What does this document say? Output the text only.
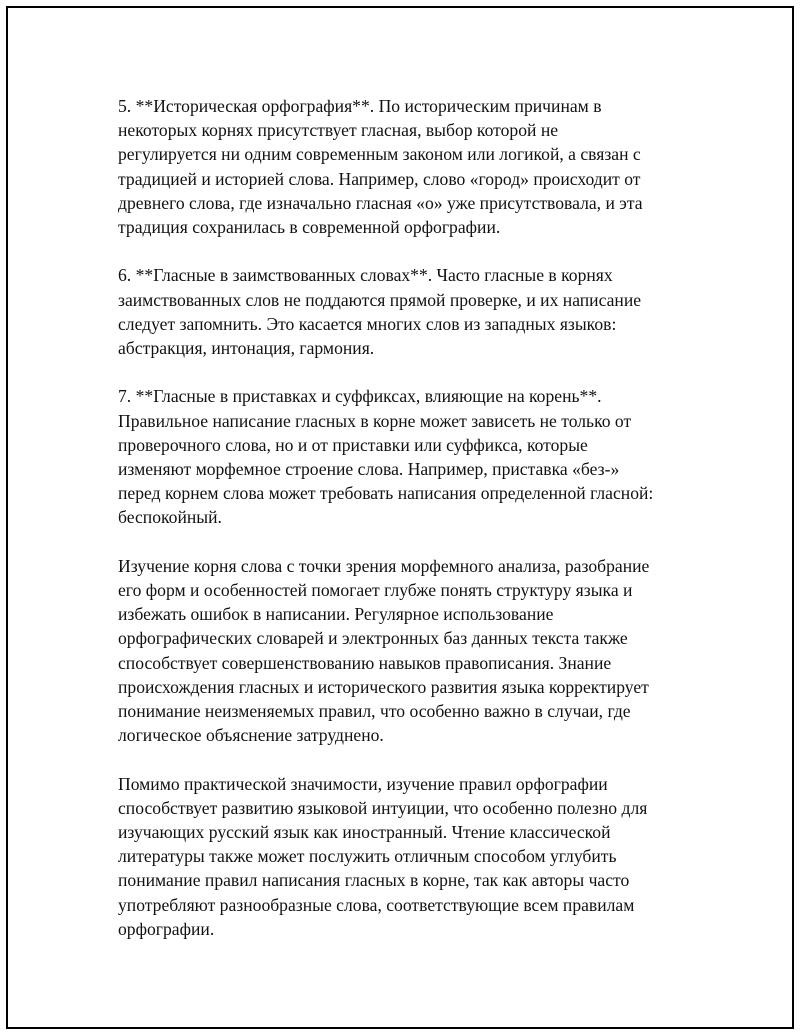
5. **Историческая орфография**. По историческим причинам в
некоторых корнях присутствует гласная, выбор которой не
регулируется ни одним современным законом или логикой, а связан с
традицией и историей слова. Например, слово «город» происходит от
древнего слова, где изначально гласная «о» уже присутствовала, и эта
традиция сохранилась в современной орфографии.

6. **Гласные в заимствованных словах**. Часто гласные в корнях
заимствованных слов не поддаются прямой проверке, и их написание
следует запомнить. Это касается многих слов из западных языков:
абстракция, интонация, гармония.

7. **Гласные в приставках и суффиксах, влияющие на корень**.
Правильное написание гласных в корне может зависеть не только от
проверочного слова, но и от приставки или суффикса, которые
изменяют морфемное строение слова. Например, приставка «без-»
перед корнем слова может требовать написания определенной гласной:
беспокойный.

Изучение корня слова с точки зрения морфемного анализа, разобрание
его форм и особенностей помогает глубже понять структуру языка и
избежать ошибок в написании. Регулярное использование
орфографических словарей и электронных баз данных текста также
способствует совершенствованию навыков правописания. Знание
происхождения гласных и исторического развития языка корректирует
понимание неизменяемых правил, что особенно важно в случаи, где
логическое объяснение затруднено.

Помимо практической значимости, изучение правил орфографии
способствует развитию языковой интуиции, что особенно полезно для
изучающих русский язык как иностранный. Чтение классической
литературы также может послужить отличным способом углубить
понимание правил написания гласных в корне, так как авторы часто
употребляют разнообразные слова, соответствующие всем правилам
орфографии.
